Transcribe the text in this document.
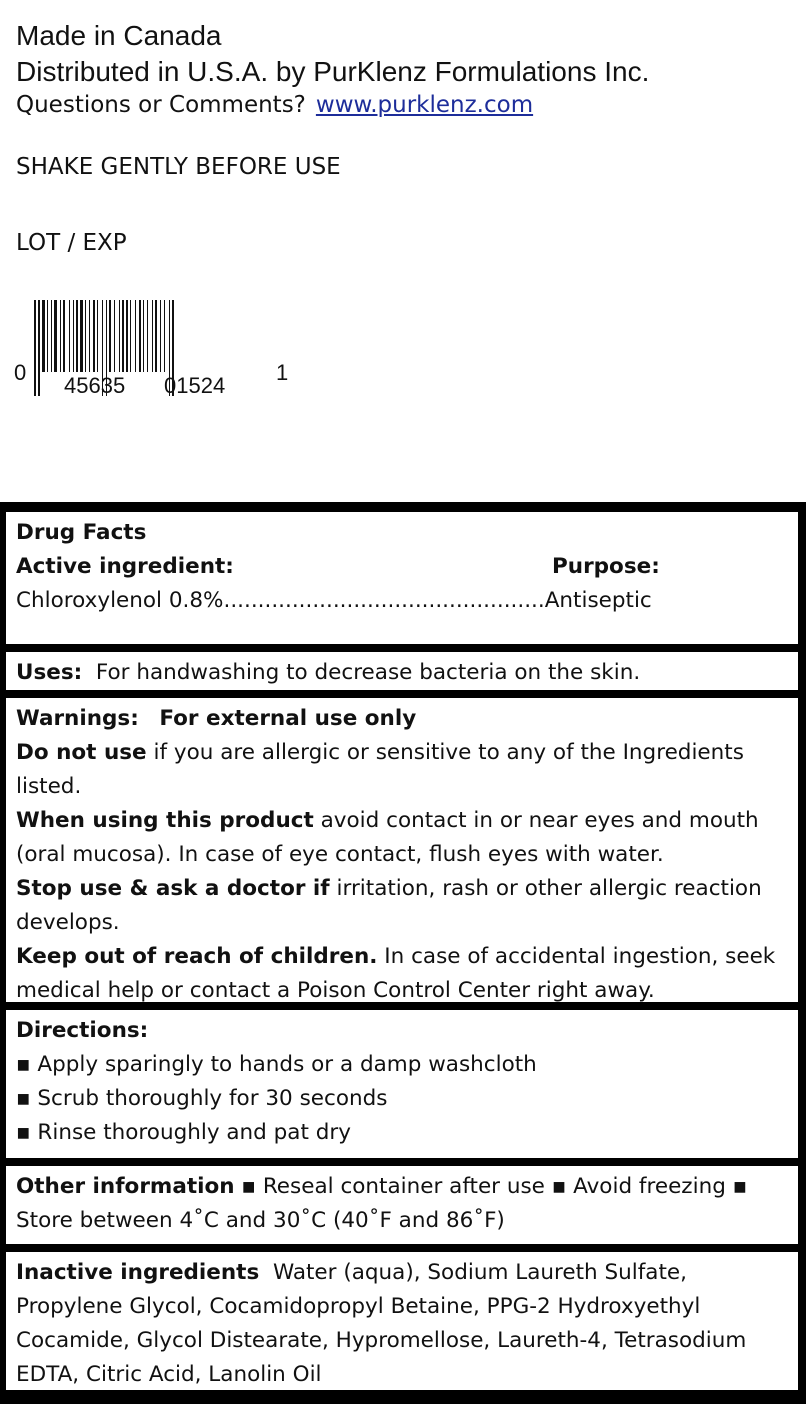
Made in Canada
Distributed in U.S.A. by PurKlenz Formulations Inc.
Questions or Comments? www.purklenz.com
SHAKE GENTLY BEFORE USE
LOT / EXP
0
45635 01524
1
Drug Facts
Active ingredient:	Purpose:
Chloroxylenol 0.8%...............................................Antiseptic
Uses: For handwashing to decrease bacteria on the skin.

Warnings: For external use only

Do not use if you are allergic or sensitive to any of the Ingredients listed.

When using this product avoid contact in or near eyes and mouth (oral mucosa). In case of eye contact, flush eyes with water.

Stop use & ask a doctor if irritation, rash or other allergic reaction develops.

Keep out of reach of children. In case of accidental ingestion, seek medical help or contact a Poison Control Center right away.

Directions:
▪ Apply sparingly to hands or a damp washcloth
▪ Scrub thoroughly for 30 seconds
▪ Rinse thoroughly and pat dry
Other information ▪ Reseal container after use ▪ Avoid freezing ▪ Store between 4˚C and 30˚C (40˚F and 86˚F)
Inactive ingredients Water (aqua), Sodium Laureth Sulfate, Propylene Glycol, Cocamidopropyl Betaine, PPG-2 Hydroxyethyl Cocamide, Glycol Distearate, Hypromellose, Laureth-4, Tetrasodium EDTA, Citric Acid, Lanolin Oil
